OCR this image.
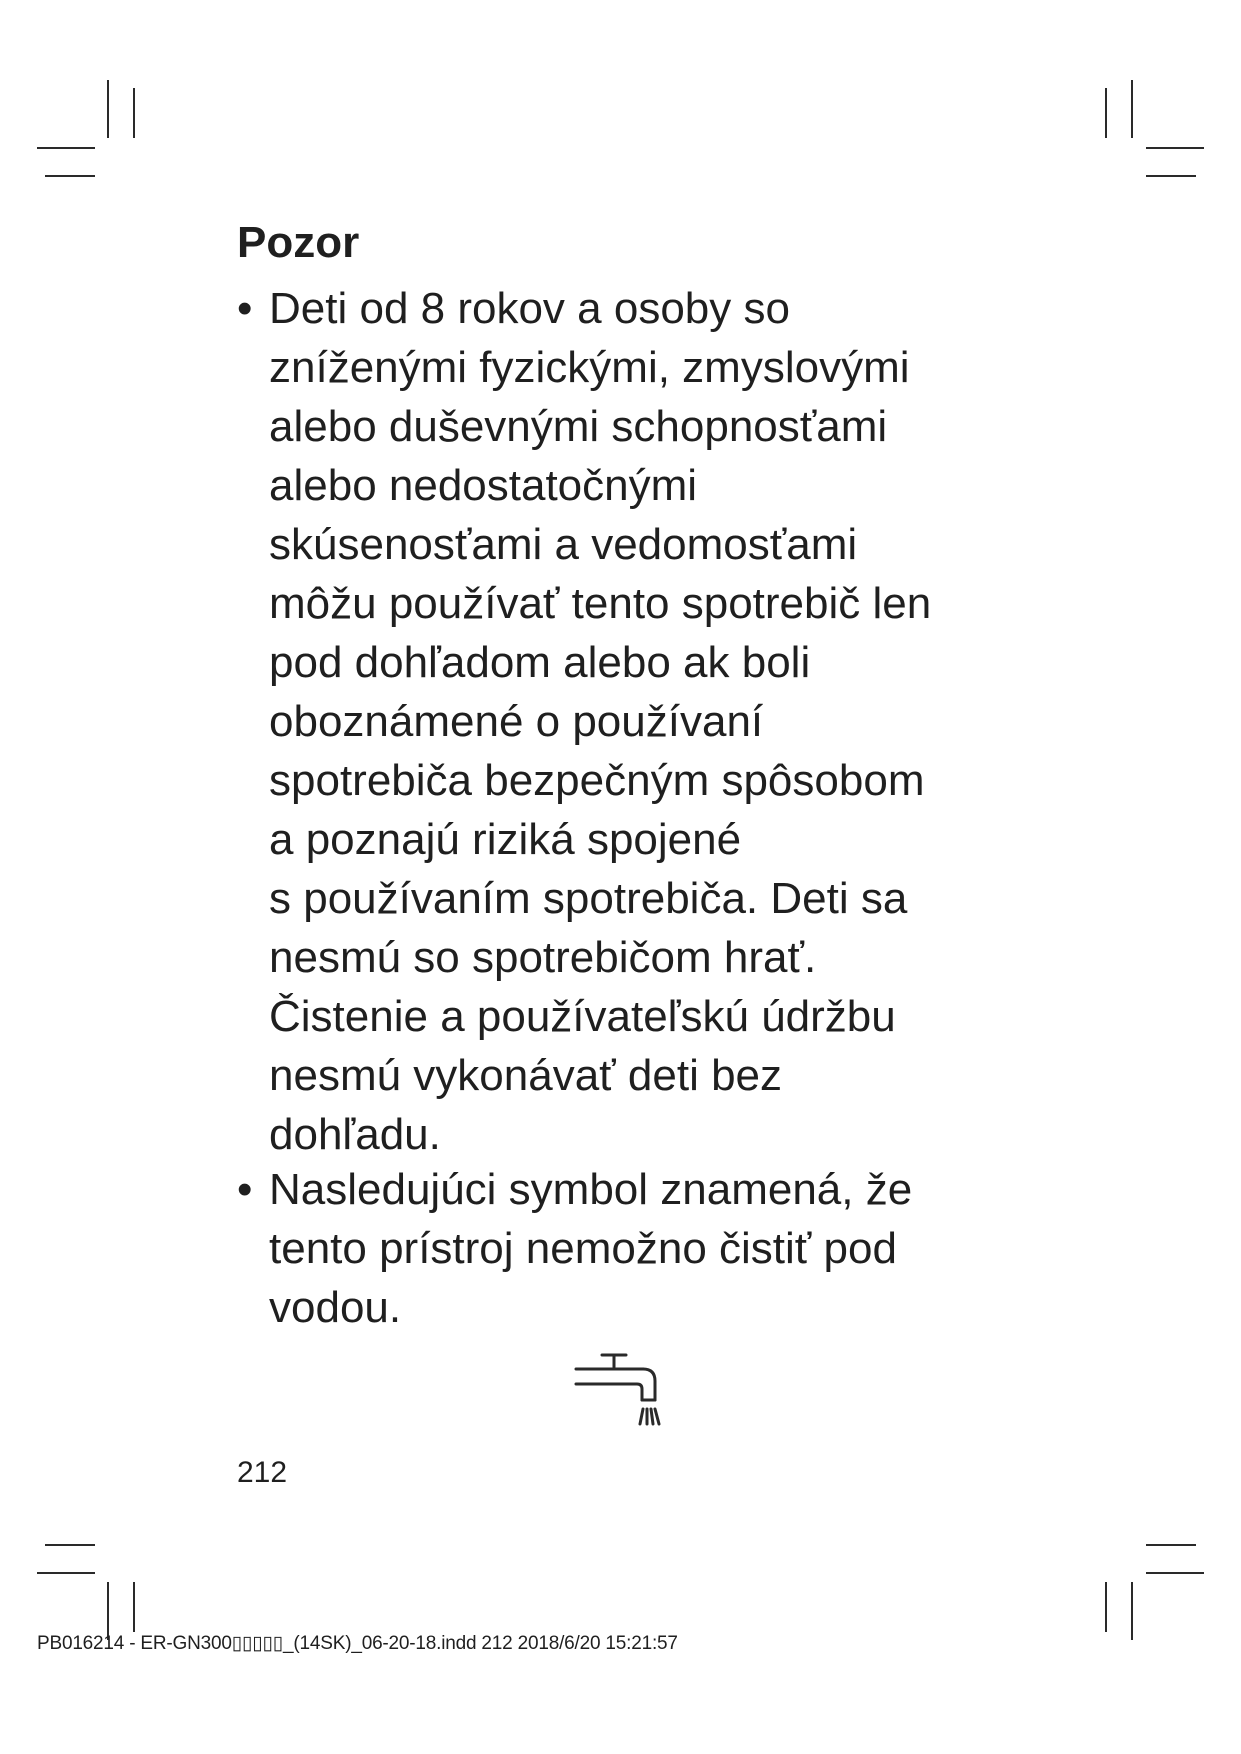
Pozor
• Deti od 8 rokov a osoby so
zníženými fyzickými, zmyslovými
alebo duševnými schopnosťami
alebo nedostatočnými
skúsenosťami a vedomosťami
môžu používať tento spotrebič len
pod dohľadom alebo ak boli
oboznámené o používaní
spotrebiča bezpečným spôsobom
a poznajú riziká spojené
s používaním spotrebiča. Deti sa
nesmú so spotrebičom hrať.
Čistenie a používateľskú údržbu
nesmú vykonávať deti bez
dohľadu.
• Nasledujúci symbol znamená, že
tento prístroj nemožno čistiť pod
vodou.
212
PB016214 - ER-GN300▯▯▯▯▯_(14SK)_06-20-18.indd 212 2018/6/20 15:21:57
